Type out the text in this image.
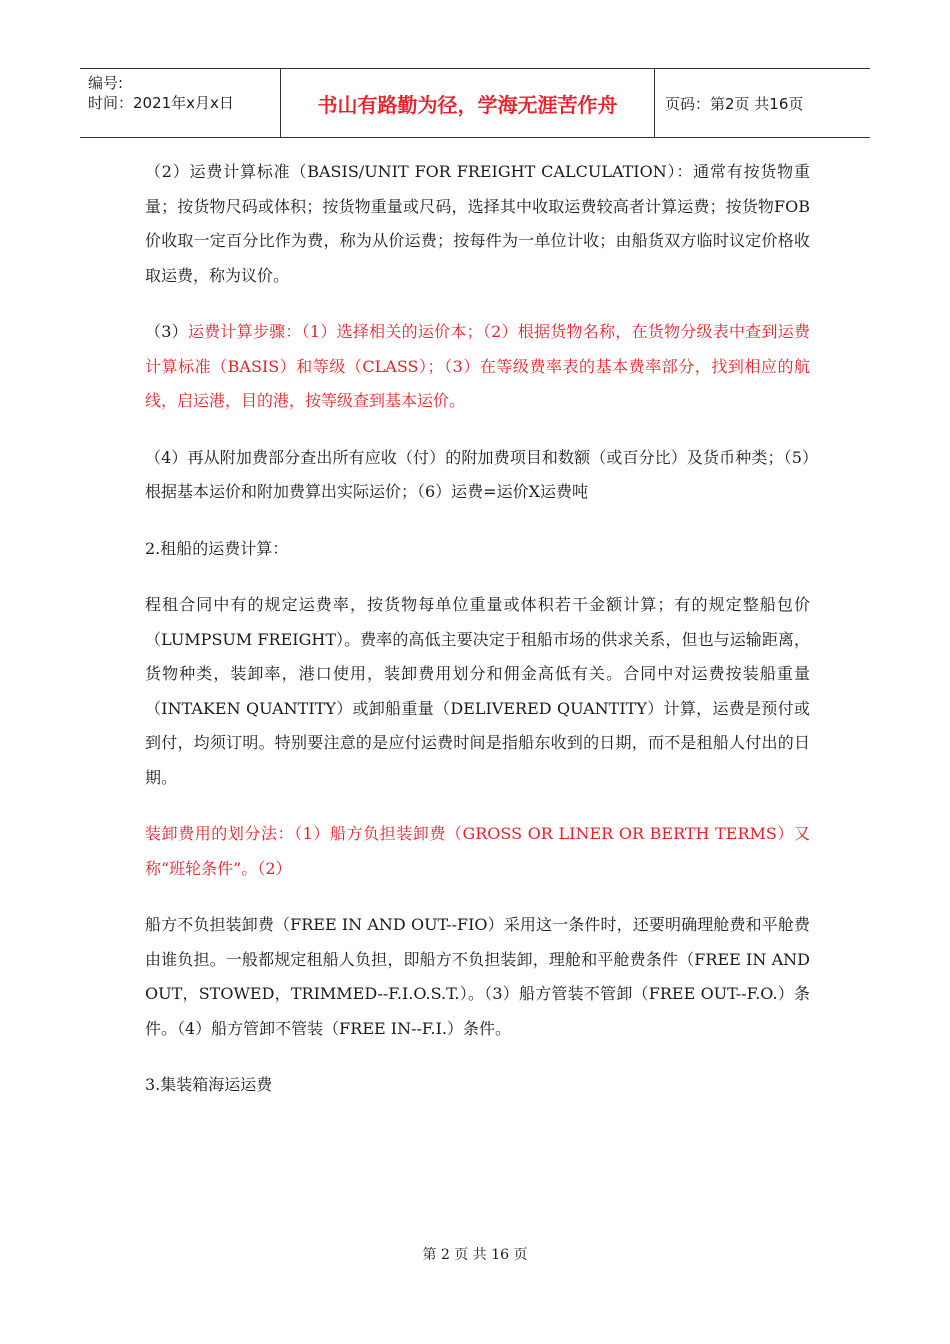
编号:
时间：2021年x月x日	书山有路勤为径，学海无涯苦作舟	页码：第2页 共16页

（2）运费计算标准（BASIS/UNIT FOR FREIGHT CALCULATION）：通常有按货物重量；按货物尺码或体积；按货物重量或尺码，选择其中收取运费较高者计算运费；按货物FOB价收取一定百分比作为费，称为从价运费；按每件为一单位计收；由船货双方临时议定价格收取运费，称为议价。

（3）运费计算步骤：（1）选择相关的运价本；（2）根据货物名称，在货物分级表中查到运费计算标准（BASIS）和等级（CLASS）；（3）在等级费率表的基本费率部分，找到相应的航线，启运港，目的港，按等级查到基本运价。

（4）再从附加费部分查出所有应收（付）的附加费项目和数额（或百分比）及货币种类；（5）根据基本运价和附加费算出实际运价；（6）运费=运价X运费吨

2.租船的运费计算：

程租合同中有的规定运费率，按货物每单位重量或体积若干金额计算；有的规定整船包价（LUMPSUM FREIGHT）。费率的高低主要决定于租船市场的供求关系，但也与运输距离，货物种类，装卸率，港口使用，装卸费用划分和佣金高低有关。合同中对运费按装船重量（INTAKEN QUANTITY）或卸船重量（DELIVERED QUANTITY）计算，运费是预付或到付，均须订明。特别要注意的是应付运费时间是指船东收到的日期，而不是租船人付出的日期。

装卸费用的划分法：（1）船方负担装卸费（GROSS OR LINER OR BERTH TERMS）又称“班轮条件”。（2）

船方不负担装卸费（FREE IN AND OUT--FIO）采用这一条件时，还要明确理舱费和平舱费由谁负担。一般都规定租船人负担，即船方不负担装卸，理舱和平舱费条件（FREE IN AND OUT，STOWED，TRIMMED--F.I.O.S.T.）。（3）船方管装不管卸（FREE OUT--F.O.）条件。（4）船方管卸不管装（FREE IN--F.I.）条件。

3.集装箱海运运费

第 2 页 共 16 页
